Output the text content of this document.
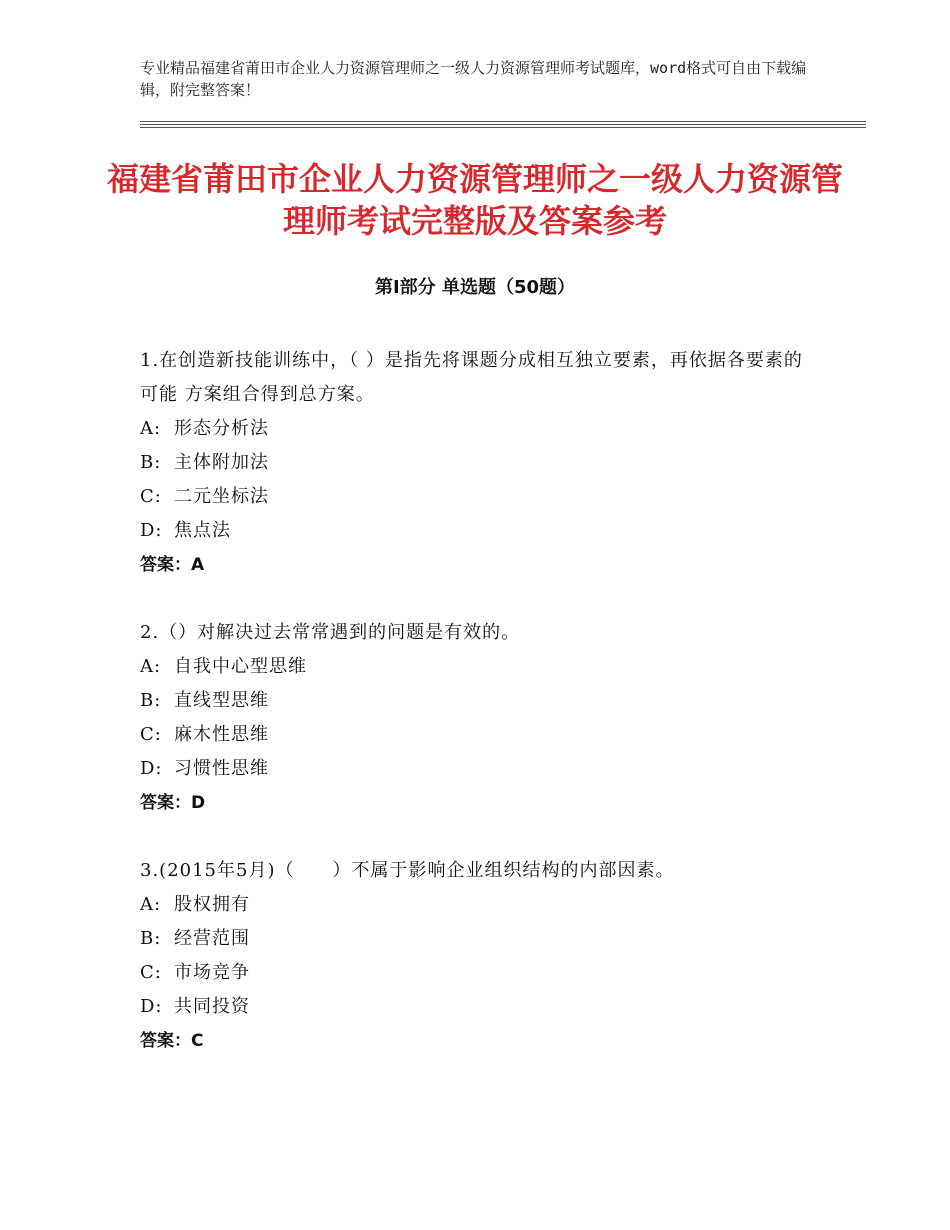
专业精品福建省莆田市企业人力资源管理师之一级人力资源管理师考试题库，word格式可自由下载编辑，附完整答案！
福建省莆田市企业人力资源管理师之一级人力资源管理师考试完整版及答案参考
第Ⅰ部分 单选题（50题）
1.在创造新技能训练中，（ ）是指先将课题分成相互独立要素，再依据各要素的可能 方案组合得到总方案。
A: 形态分析法
B: 主体附加法
C: 二元坐标法
D: 焦点法
答案：A
2.（）对解决过去常常遇到的问题是有效的。
A: 自我中心型思维
B: 直线型思维
C: 麻木性思维
D: 习惯性思维
答案：D
3.(2015年5月)（　　）不属于影响企业组织结构的内部因素。
A: 股权拥有
B: 经营范围
C: 市场竞争
D: 共同投资
答案：C
